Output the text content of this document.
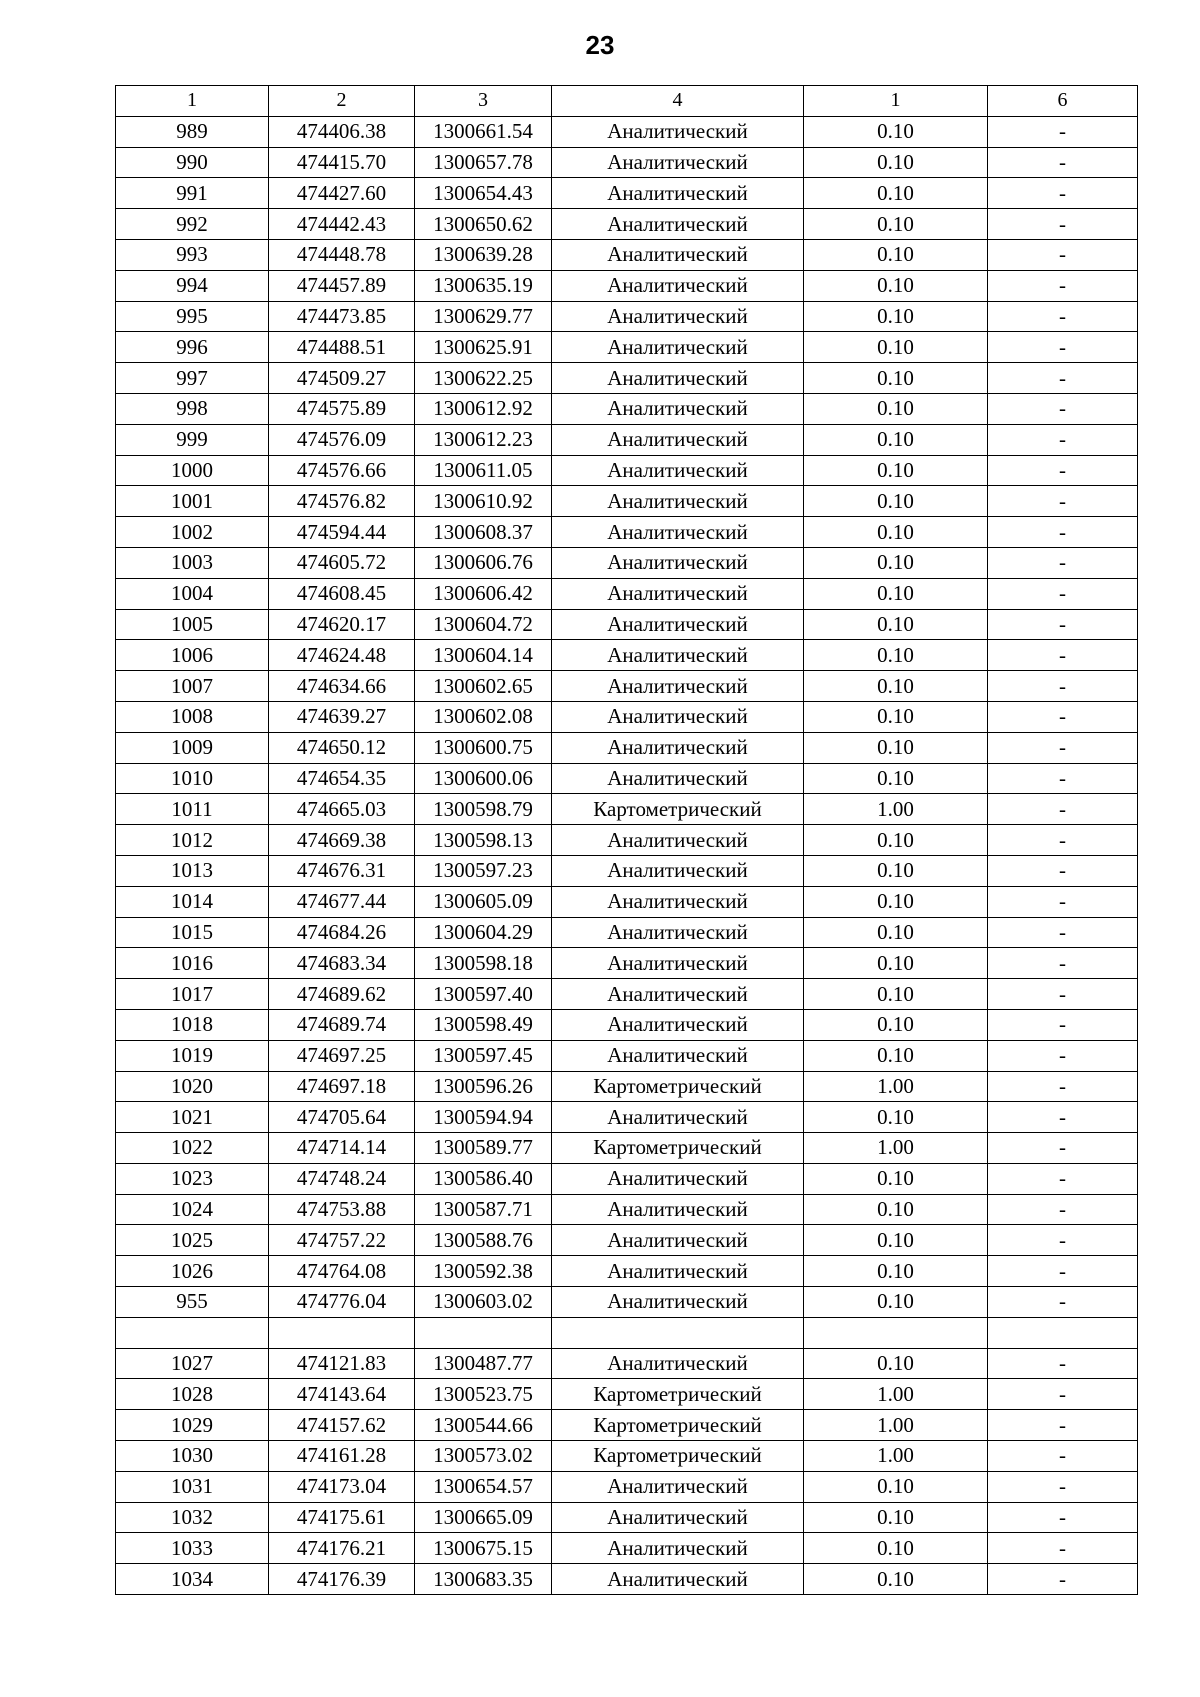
23
1	2	3	4	1	6
989	474406.38	1300661.54	Аналитический	0.10	-
990	474415.70	1300657.78	Аналитический	0.10	-
991	474427.60	1300654.43	Аналитический	0.10	-
992	474442.43	1300650.62	Аналитический	0.10	-
993	474448.78	1300639.28	Аналитический	0.10	-
994	474457.89	1300635.19	Аналитический	0.10	-
995	474473.85	1300629.77	Аналитический	0.10	-
996	474488.51	1300625.91	Аналитический	0.10	-
997	474509.27	1300622.25	Аналитический	0.10	-
998	474575.89	1300612.92	Аналитический	0.10	-
999	474576.09	1300612.23	Аналитический	0.10	-
1000	474576.66	1300611.05	Аналитический	0.10	-
1001	474576.82	1300610.92	Аналитический	0.10	-
1002	474594.44	1300608.37	Аналитический	0.10	-
1003	474605.72	1300606.76	Аналитический	0.10	-
1004	474608.45	1300606.42	Аналитический	0.10	-
1005	474620.17	1300604.72	Аналитический	0.10	-
1006	474624.48	1300604.14	Аналитический	0.10	-
1007	474634.66	1300602.65	Аналитический	0.10	-
1008	474639.27	1300602.08	Аналитический	0.10	-
1009	474650.12	1300600.75	Аналитический	0.10	-
1010	474654.35	1300600.06	Аналитический	0.10	-
1011	474665.03	1300598.79	Картометрический	1.00	-
1012	474669.38	1300598.13	Аналитический	0.10	-
1013	474676.31	1300597.23	Аналитический	0.10	-
1014	474677.44	1300605.09	Аналитический	0.10	-
1015	474684.26	1300604.29	Аналитический	0.10	-
1016	474683.34	1300598.18	Аналитический	0.10	-
1017	474689.62	1300597.40	Аналитический	0.10	-
1018	474689.74	1300598.49	Аналитический	0.10	-
1019	474697.25	1300597.45	Аналитический	0.10	-
1020	474697.18	1300596.26	Картометрический	1.00	-
1021	474705.64	1300594.94	Аналитический	0.10	-
1022	474714.14	1300589.77	Картометрический	1.00	-
1023	474748.24	1300586.40	Аналитический	0.10	-
1024	474753.88	1300587.71	Аналитический	0.10	-
1025	474757.22	1300588.76	Аналитический	0.10	-
1026	474764.08	1300592.38	Аналитический	0.10	-
955	474776.04	1300603.02	Аналитический	0.10	-

1027	474121.83	1300487.77	Аналитический	0.10	-
1028	474143.64	1300523.75	Картометрический	1.00	-
1029	474157.62	1300544.66	Картометрический	1.00	-
1030	474161.28	1300573.02	Картометрический	1.00	-
1031	474173.04	1300654.57	Аналитический	0.10	-
1032	474175.61	1300665.09	Аналитический	0.10	-
1033	474176.21	1300675.15	Аналитический	0.10	-
1034	474176.39	1300683.35	Аналитический	0.10	-
